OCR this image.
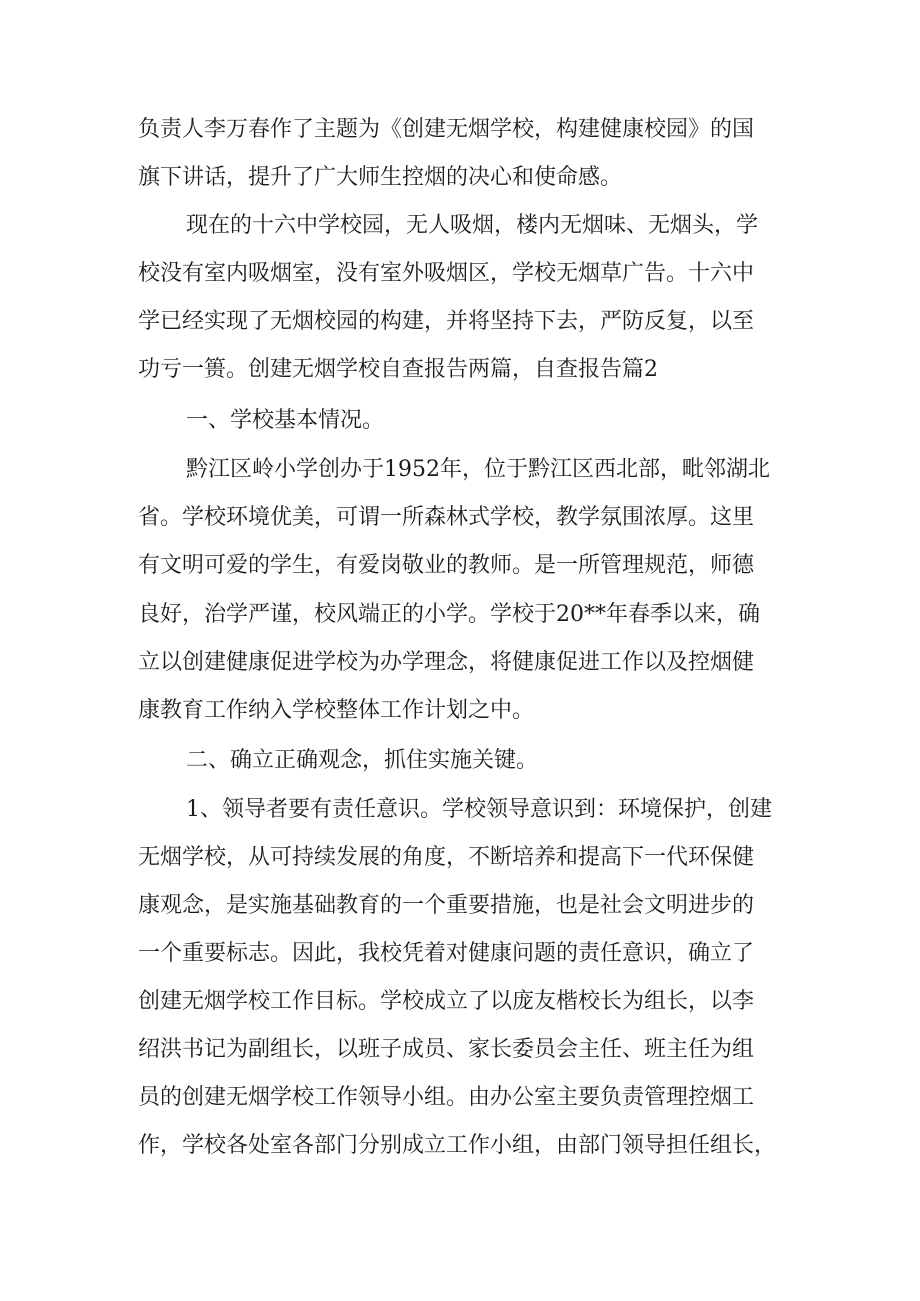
负责人李万春作了主题为《创建无烟学校，构建健康校园》的国
旗下讲话，提升了广大师生控烟的决心和使命感。
现在的十六中学校园，无人吸烟，楼内无烟味、无烟头，学
校没有室内吸烟室，没有室外吸烟区，学校无烟草广告。十六中
学已经实现了无烟校园的构建，并将坚持下去，严防反复，以至
功亏一篑。创建无烟学校自查报告两篇，自查报告篇2
一、学校基本情况。
黔江区岭小学创办于1952年，位于黔江区西北部，毗邻湖北
省。学校环境优美，可谓一所森林式学校，教学氛围浓厚。这里
有文明可爱的学生，有爱岗敬业的教师。是一所管理规范，师德
良好，治学严谨，校风端正的小学。学校于20**年春季以来，确
立以创建健康促进学校为办学理念，将健康促进工作以及控烟健
康教育工作纳入学校整体工作计划之中。
二、确立正确观念，抓住实施关键。
1、领导者要有责任意识。学校领导意识到：环境保护，创建
无烟学校，从可持续发展的角度，不断培养和提高下一代环保健
康观念，是实施基础教育的一个重要措施，也是社会文明进步的
一个重要标志。因此，我校凭着对健康问题的责任意识，确立了
创建无烟学校工作目标。学校成立了以庞友楷校长为组长，以李
绍洪书记为副组长，以班子成员、家长委员会主任、班主任为组
员的创建无烟学校工作领导小组。由办公室主要负责管理控烟工
作，学校各处室各部门分别成立工作小组，由部门领导担任组长，
